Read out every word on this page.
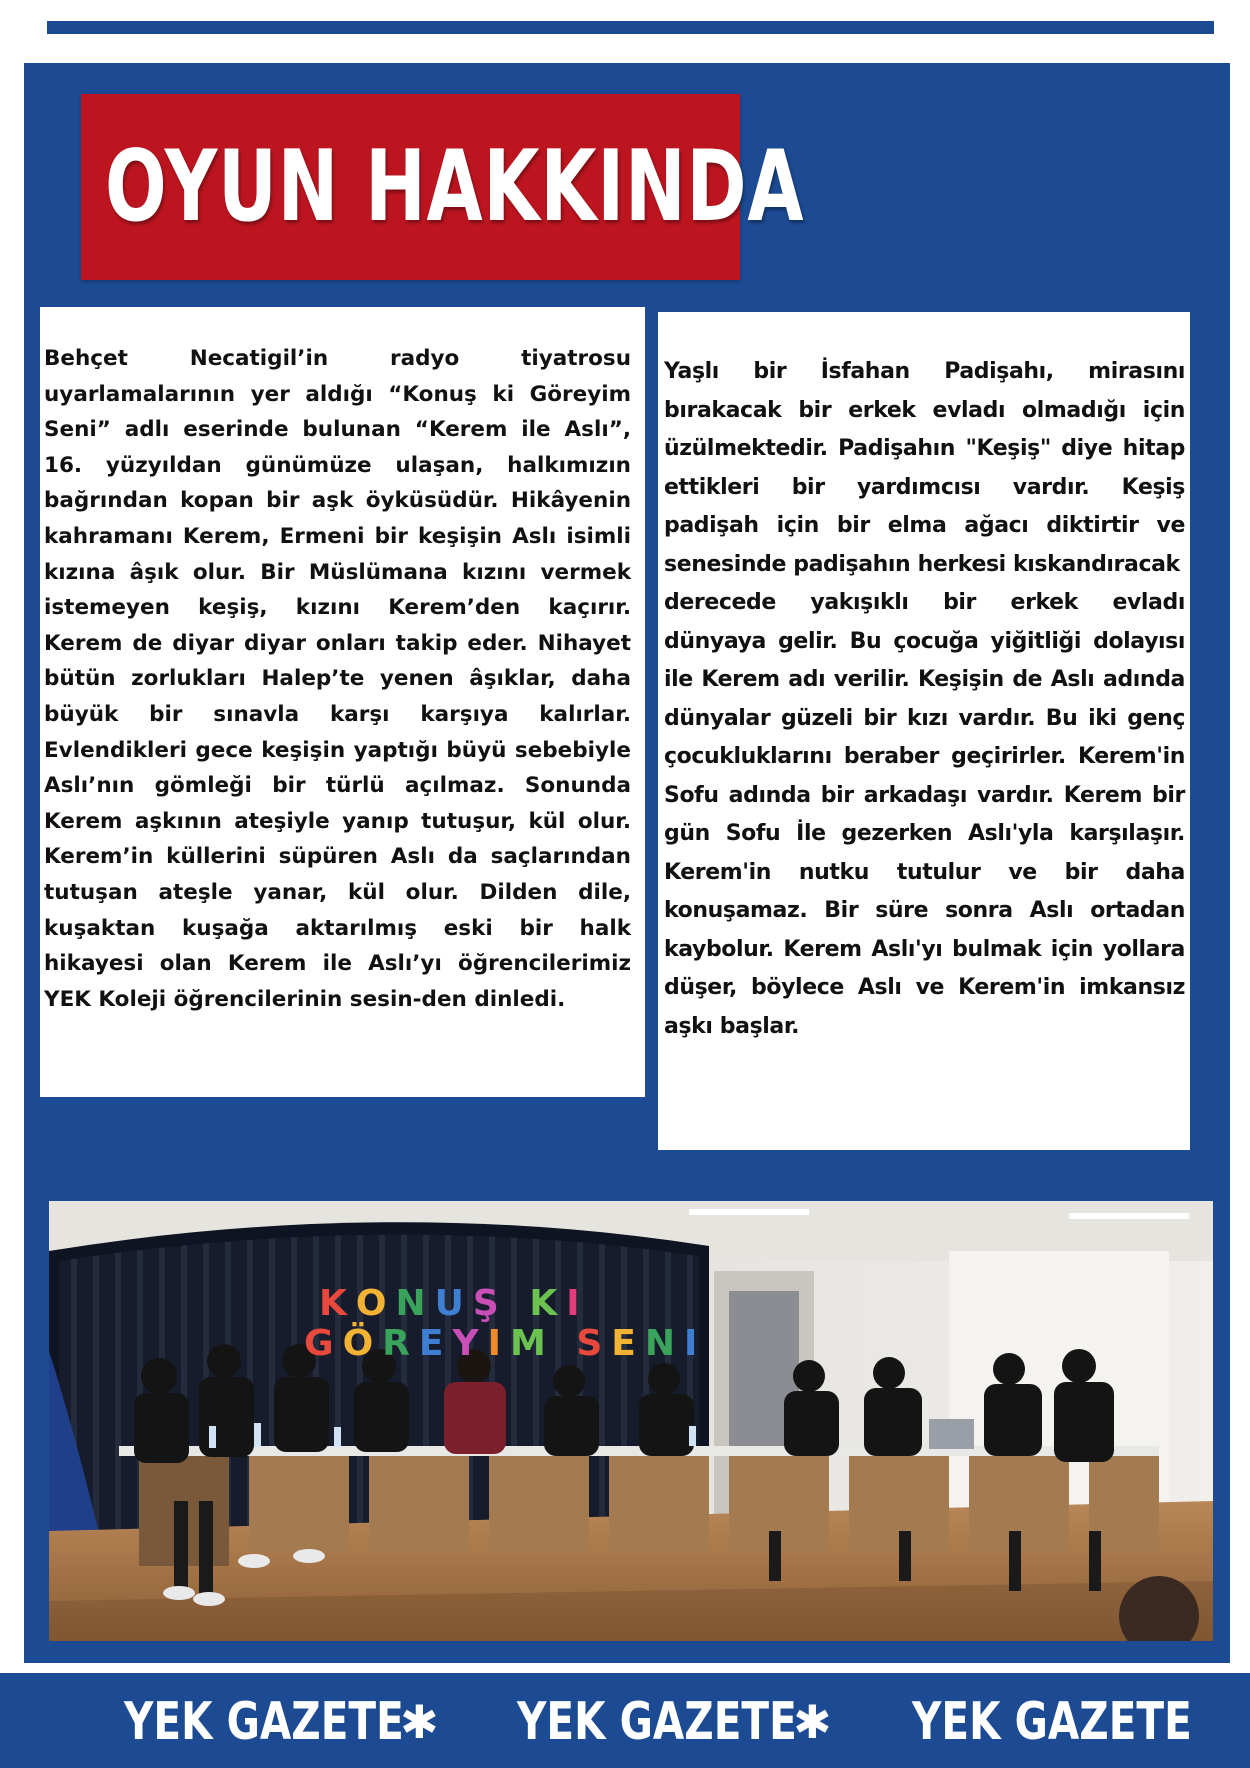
OYUN HAKKINDA

Behçet Necatigil’in radyo tiyatrosu uyarlamalarının yer aldığı “Konuş ki Göreyim Seni” adlı eserinde bulunan “Kerem ile Aslı”, 16. yüzyıldan günümüze ulaşan, halkımızın bağrından kopan bir aşk öyküsüdür. Hikâyenin kahramanı Kerem, Ermeni bir keşişin Aslı isimli kızına âşık olur. Bir Müslümana kızını vermek istemeyen keşiş, kızını Kerem’den kaçırır. Kerem de diyar diyar onları takip eder. Nihayet bütün zorlukları Halep’te yenen âşıklar, daha büyük bir sınavla karşı karşıya kalırlar. Evlendikleri gece keşişin yaptığı büyü sebebiyle Aslı’nın gömleği bir türlü açılmaz. Sonunda Kerem aşkının ateşiyle yanıp tutuşur, kül olur. Kerem’in küllerini süpüren Aslı da saçlarından tutuşan ateşle yanar, kül olur. Dilden dile, kuşaktan kuşağa aktarılmış eski bir halk hikayesi olan Kerem ile Aslı’yı öğrencilerimiz YEK Koleji öğrencilerinin sesin-den dinledi.

Yaşlı bir İsfahan Padişahı, mirasını bırakacak bir erkek evladı olmadığı için üzülmektedir. Padişahın "Keşiş" diye hitap ettikleri bir yardımcısı vardır. Keşiş padişah için bir elma ağacı diktirtir ve senesinde padişahın herkesi kıskandıracak

derecede yakışıklı bir erkek evladı dünyaya gelir. Bu çocuğa yiğitliği dolayısı ile Kerem adı verilir. Keşişin de Aslı adında dünyalar güzeli bir kızı vardır. Bu iki genç çocukluklarını beraber geçirirler. Kerem'in Sofu adında bir arkadaşı vardır. Kerem bir gün Sofu İle gezerken Aslı'yla karşılaşır. Kerem'in nutku tutulur ve bir daha konuşamaz. Bir süre sonra Aslı ortadan kaybolur. Kerem Aslı'yı bulmak için yollara düşer, böylece Aslı ve Kerem'in imkansız aşkı başlar.

KONUŞ KI
GÖREYIM SENI
YEK GAZETE
✱ YEK GAZETE
✱ YEK GAZETE
